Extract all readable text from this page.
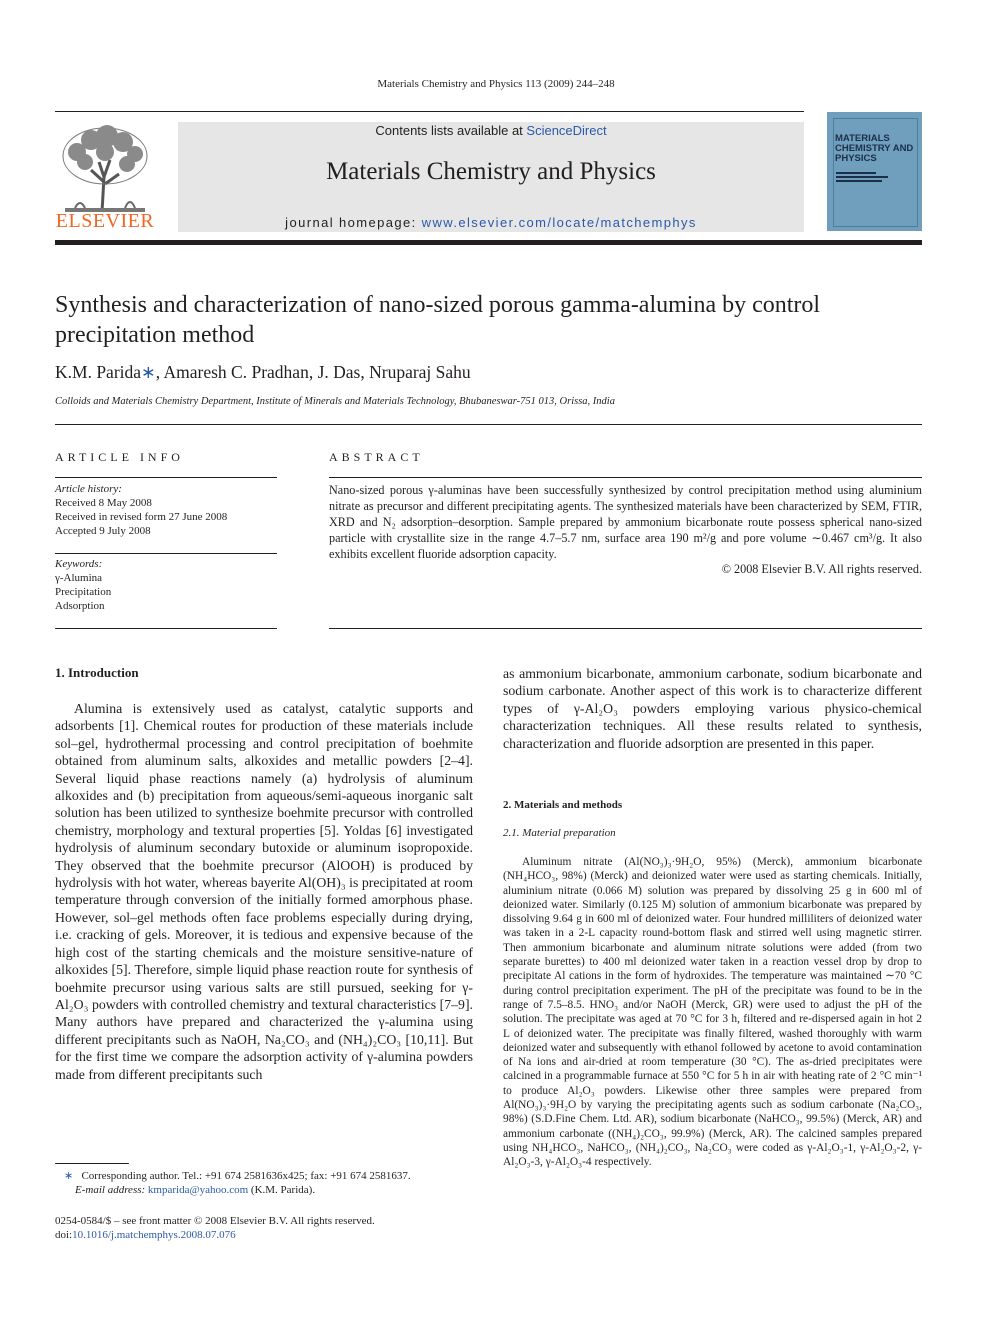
Materials Chemistry and Physics 113 (2009) 244–248
ELSEVIER
Contents lists available at ScienceDirect
Materials Chemistry and Physics
journal homepage: www.elsevier.com/locate/matchemphys
MATERIALS CHEMISTRY AND PHYSICS
Synthesis and characterization of nano-sized porous gamma-alumina by control precipitation method
K.M. Parida∗, Amaresh C. Pradhan, J. Das, Nruparaj Sahu
Colloids and Materials Chemistry Department, Institute of Minerals and Materials Technology, Bhubaneswar-751 013, Orissa, India
ARTICLE INFO	ABSTRACT
Article history:
Received 8 May 2008
Received in revised form 27 June 2008
Accepted 9 July 2008
Keywords:
γ-Alumina
Precipitation
Adsorption
Nano-sized porous γ-aluminas have been successfully synthesized by control precipitation method using aluminium nitrate as precursor and different precipitating agents. The synthesized materials have been characterized by SEM, FTIR, XRD and N₂ adsorption–desorption. Sample prepared by ammonium bicarbonate route possess spherical nano-sized particle with crystallite size in the range 4.7–5.7 nm, surface area 190 m²/g and pore volume ∼0.467 cm³/g. It also exhibits excellent fluoride adsorption capacity.
© 2008 Elsevier B.V. All rights reserved.
1. Introduction

Alumina is extensively used as catalyst, catalytic supports and adsorbents [1]. Chemical routes for production of these materials include sol–gel, hydrothermal processing and control precipitation of boehmite obtained from aluminum salts, alkoxides and metallic powders [2–4]. Several liquid phase reactions namely (a) hydrolysis of aluminum alkoxides and (b) precipitation from aqueous/semi-aqueous inorganic salt solution has been utilized to synthesize boehmite precursor with controlled chemistry, morphology and textural properties [5]. Yoldas [6] investigated hydrolysis of aluminum secondary butoxide or aluminum isopropoxide. They observed that the boehmite precursor (AlOOH) is produced by hydrolysis with hot water, whereas bayerite Al(OH)₃ is precipitated at room temperature through conversion of the initially formed amorphous phase. However, sol–gel methods often face problems especially during drying, i.e. cracking of gels. Moreover, it is tedious and expensive because of the high cost of the starting chemicals and the moisture sensitive-nature of alkoxides [5]. Therefore, simple liquid phase reaction route for synthesis of boehmite precursor using various salts are still pursued, seeking for γ-Al₂O₃ powders with controlled chemistry and textural characteristics [7–9]. Many authors have prepared and characterized the γ-alumina using different precipitants such as NaOH, Na₂CO₃ and (NH₄)₂CO₃ [10,11]. But for the first time we compare the adsorption activity of γ-alumina powders made from different precipitants such

as ammonium bicarbonate, ammonium carbonate, sodium bicarbonate and sodium carbonate. Another aspect of this work is to characterize different types of γ-Al₂O₃ powders employing various physico-chemical characterization techniques. All these results related to synthesis, characterization and fluoride adsorption are presented in this paper.

2. Materials and methods
2.1. Material preparation

Aluminum nitrate (Al(NO₃)₃·9H₂O, 95%) (Merck), ammonium bicarbonate (NH₄HCO₃, 98%) (Merck) and deionized water were used as starting chemicals. Initially, aluminium nitrate (0.066 M) solution was prepared by dissolving 25 g in 600 ml of deionized water. Similarly (0.125 M) solution of ammonium bicarbonate was prepared by dissolving 9.64 g in 600 ml of deionized water. Four hundred milliliters of deionized water was taken in a 2-L capacity round-bottom flask and stirred well using magnetic stirrer. Then ammonium bicarbonate and aluminum nitrate solutions were added (from two separate burettes) to 400 ml deionized water taken in a reaction vessel drop by drop to precipitate Al cations in the form of hydroxides. The temperature was maintained ∼70 °C during control precipitation experiment. The pH of the precipitate was found to be in the range of 7.5–8.5. HNO₃ and/or NaOH (Merck, GR) were used to adjust the pH of the solution. The precipitate was aged at 70 °C for 3 h, filtered and re-dispersed again in hot 2 L of deionized water. The precipitate was finally filtered, washed thoroughly with warm deionized water and subsequently with ethanol followed by acetone to avoid contamination of Na ions and air-dried at room temperature (30 °C). The as-dried precipitates were calcined in a programmable furnace at 550 °C for 5 h in air with heating rate of 2 °C min⁻¹ to produce Al₂O₃ powders. Likewise other three samples were prepared from Al(NO₃)₃·9H₂O by varying the precipitating agents such as sodium carbonate (Na₂CO₃, 98%) (S.D.Fine Chem. Ltd. AR), sodium bicarbonate (NaHCO₃, 99.5%) (Merck, AR) and ammonium carbonate ((NH₄)₂CO₃, 99.9%) (Merck, AR). The calcined samples prepared using NH₄HCO₃, NaHCO₃, (NH₄)₂CO₃, Na₂CO₃ were coded as γ-Al₂O₃-1, γ-Al₂O₃-2, γ-Al₂O₃-3, γ-Al₂O₃-4 respectively.

∗ Corresponding author. Tel.: +91 674 2581636x425; fax: +91 674 2581637.
E-mail address: kmparida@yahoo.com (K.M. Parida).
0254-0584/$ – see front matter © 2008 Elsevier B.V. All rights reserved.
doi:10.1016/j.matchemphys.2008.07.076
